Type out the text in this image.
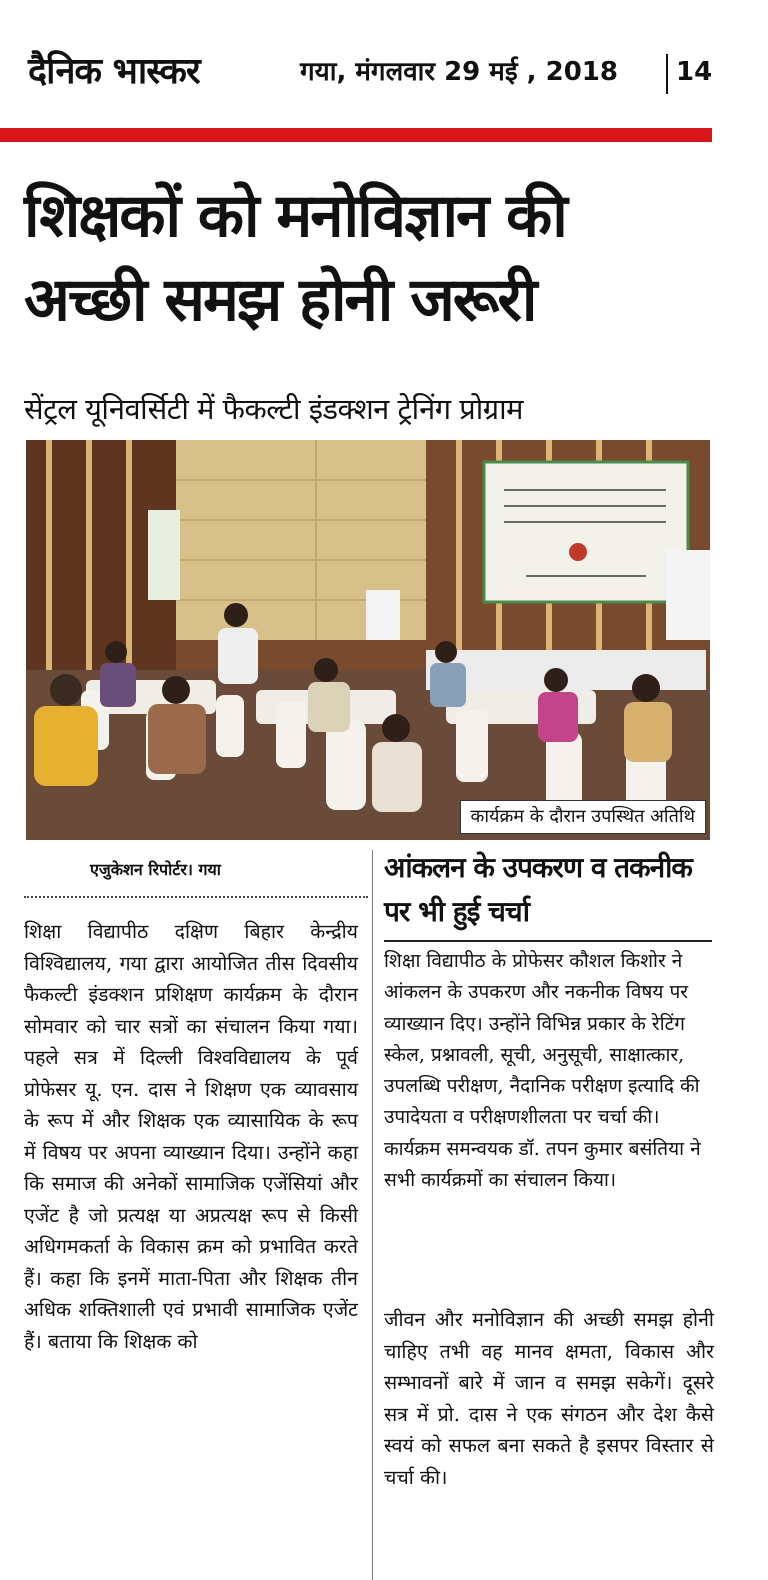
दैनिक भास्कर	गया, मंगलवार 29 मई , 2018 14
शिक्षकों को मनोविज्ञान की
अच्छी समझ होनी जरूरी
सेंट्रल यूनिवर्सिटी में फैकल्टी इंडक्शन ट्रेनिंग प्रोग्राम
कार्यक्रम के दौरान उपस्थित अतिथि
एजुकेशन रिपोर्टर। गया
शिक्षा विद्यापीठ दक्षिण बिहार केन्द्रीय विश्विद्यालय, गया द्वारा आयोजित तीस दिवसीय फैकल्टी इंडक्शन प्रशिक्षण कार्यक्रम के दौरान सोमवार को चार सत्रों का संचालन किया गया। पहले सत्र में दिल्ली विश्वविद्यालय के पूर्व प्रोफेसर यू. एन. दास ने शिक्षण एक व्यावसाय के रूप में और शिक्षक एक व्यासायिक के रूप में विषय पर अपना व्याख्यान दिया। उन्होंने कहा कि समाज की अनेकों सामाजिक एजेंसियां और एजेंट है जो प्रत्यक्ष या अप्रत्यक्ष रूप से किसी अधिगमकर्ता के विकास क्रम को प्रभावित करते हैं। कहा कि इनमें माता-पिता और शिक्षक तीन अधिक शक्तिशाली एवं प्रभावी सामाजिक एजेंट हैं। बताया कि शिक्षक को
आंकलन के उपकरण व तकनीक पर भी हुई चर्चा
शिक्षा विद्यापीठ के प्रोफेसर कौशल किशोर ने आंकलन के उपकरण और नकनीक विषय पर व्याख्यान दिए। उन्होंने विभिन्न प्रकार के रेटिंग स्केल, प्रश्नावली, सूची, अनुसूची, साक्षात्कार, उपलब्धि परीक्षण, नैदानिक परीक्षण इत्यादि की उपादेयता व परीक्षणशीलता पर चर्चा की। कार्यक्रम समन्वयक डॉ. तपन कुमार बसंतिया ने सभी कार्यक्रमों का संचालन किया।
जीवन और मनोविज्ञान की अच्छी समझ होनी चाहिए तभी वह मानव क्षमता, विकास और सम्भावनों बारे में जान व समझ सकेगें। दूसरे सत्र में प्रो. दास ने एक संगठन और देश कैसे स्वयं को सफल बना सकते है इसपर विस्तार से चर्चा की।
